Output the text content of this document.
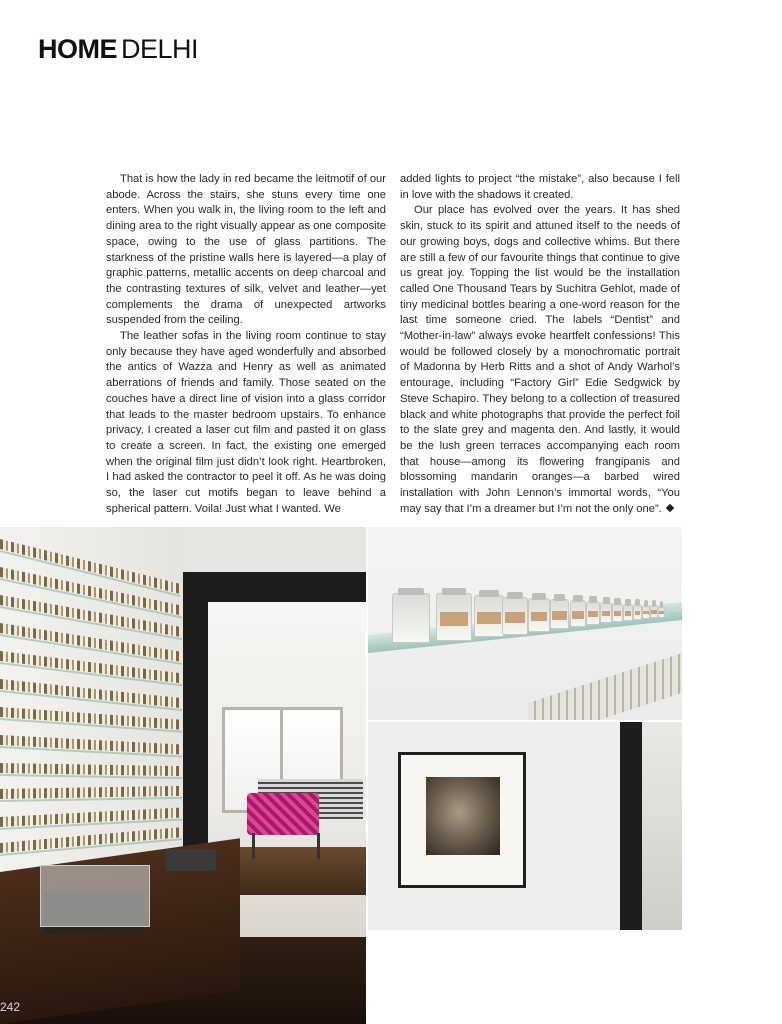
HOME DELHI

That is how the lady in red became the leitmotif of our abode. Across the stairs, she stuns every time one enters. When you walk in, the living room to the left and dining area to the right visually appear as one composite space, owing to the use of glass partitions. The starkness of the pristine walls here is layered—a play of graphic patterns, metallic accents on deep charcoal and the contrasting textures of silk, velvet and leather—yet complements the drama of unexpected artworks suspended from the ceiling.

The leather sofas in the living room continue to stay only because they have aged wonderfully and absorbed the antics of Wazza and Henry as well as animated aberrations of friends and family. Those seated on the couches have a direct line of vision into a glass corridor that leads to the master bedroom upstairs. To enhance privacy, I created a laser cut film and pasted it on glass to create a screen. In fact, the existing one emerged when the original film just didn’t look right. Heartbroken, I had asked the contractor to peel it off. As he was doing so, the laser cut motifs began to leave behind a spherical pattern. Voila! Just what I wanted. We

added lights to project “the mistake”, also because I fell in love with the shadows it created.

Our place has evolved over the years. It has shed skin, stuck to its spirit and attuned itself to the needs of our growing boys, dogs and collective whims. But there are still a few of our favourite things that continue to give us great joy. Topping the list would be the installation called One Thousand Tears by Suchitra Gehlot, made of tiny medicinal bottles bearing a one-word reason for the last time someone cried. The labels “Dentist” and “Mother-in-law” always evoke heartfelt confessions! This would be followed closely by a monochromatic portrait of Madonna by Herb Ritts and a shot of Andy Warhol’s entourage, including “Factory Girl” Edie Sedgwick by Steve Schapiro. They belong to a collection of treasured black and white photographs that provide the perfect foil to the slate grey and magenta den. And lastly, it would be the lush green terraces accompanying each room that house—among its flowering frangipanis and blossoming mandarin oranges—a barbed wired installation with John Lennon’s immortal words, “You may say that I’m a dreamer but I’m not the only one”.

242
